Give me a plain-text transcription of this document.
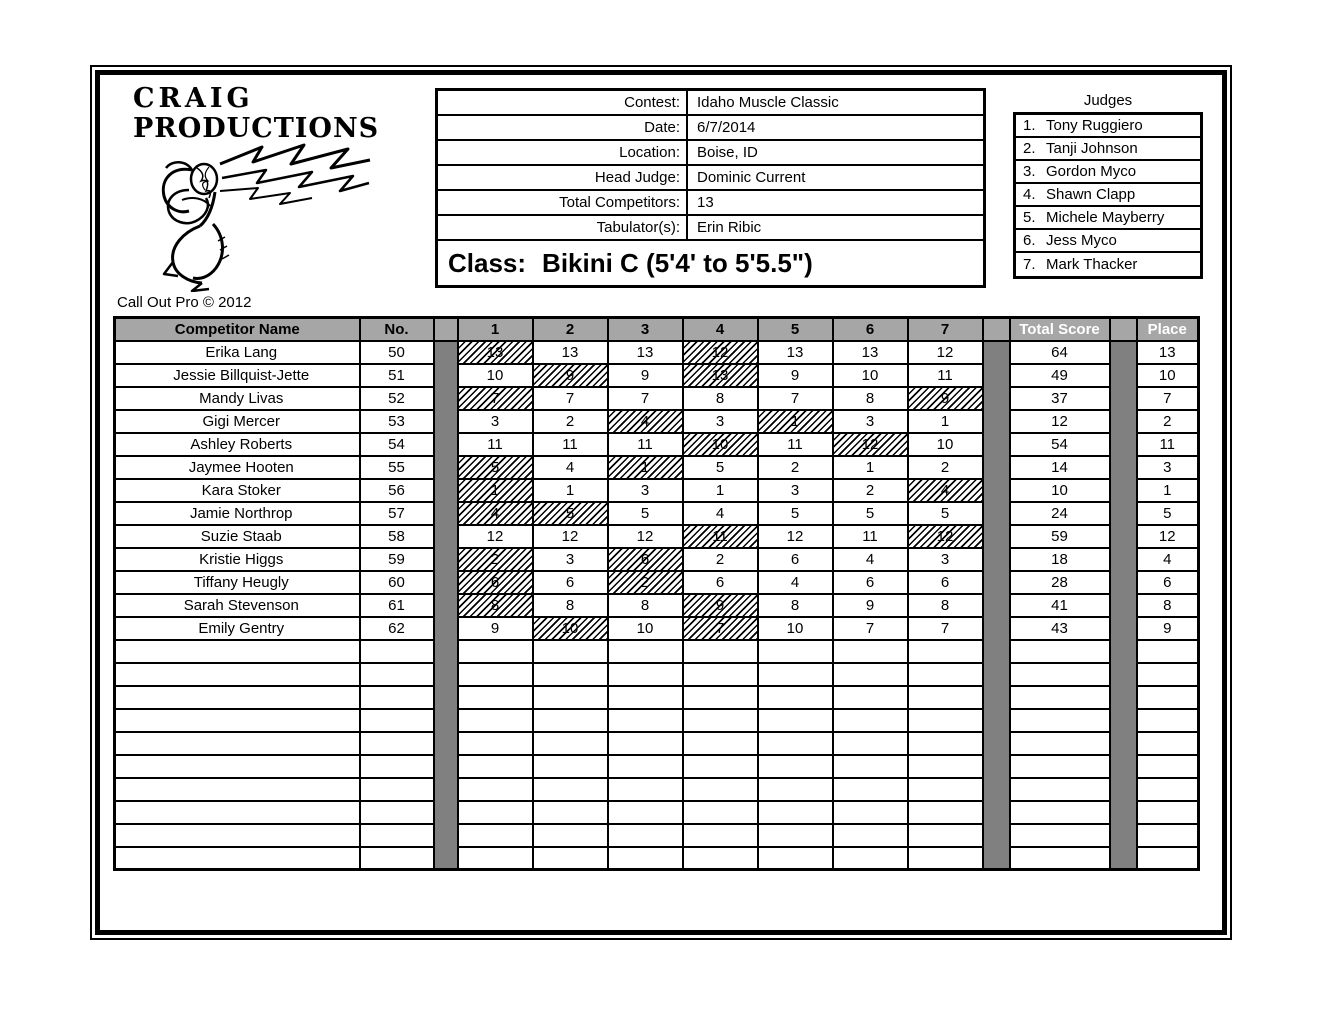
CRAIG
PRODUCTIONS
Call Out Pro © 2012
Contest:	Idaho Muscle Classic
Date:	6/7/2014
Location:	Boise, ID
Head Judge:	Dominic Current
Total Competitors:	13
Tabulator(s):	Erin Ribic
Class: Bikini C (5'4' to 5'5.5")
Judges
1. Tony Ruggiero
2. Tanji Johnson
3. Gordon Myco
4. Shawn Clapp
5. Michele Mayberry
6. Jess Myco
7. Mark Thacker
Competitor Name	No.		1	2	3	4	5	6	7		Total Score		Place
Erika Lang	50		13	13	13	12	13	13	12		64		13
Jessie Billquist-Jette	51		10	9	9	13	9	10	11		49		10
Mandy Livas	52		7	7	7	8	7	8	9		37		7
Gigi Mercer	53		3	2	4	3	1	3	1		12		2
Ashley Roberts	54		11	11	11	10	11	12	10		54		11
Jaymee Hooten	55		5	4	1	5	2	1	2		14		3
Kara Stoker	56		1	1	3	1	3	2	4		10		1
Jamie Northrop	57		4	5	5	4	5	5	5		24		5
Suzie Staab	58		12	12	12	11	12	11	12		59		12
Kristie Higgs	59		2	3	6	2	6	4	3		18		4
Tiffany Heugly	60		6	6	2	6	4	6	6		28		6
Sarah Stevenson	61		8	8	8	9	8	9	8		41		8
Emily Gentry	62		9	10	10	7	10	7	7		43		9
